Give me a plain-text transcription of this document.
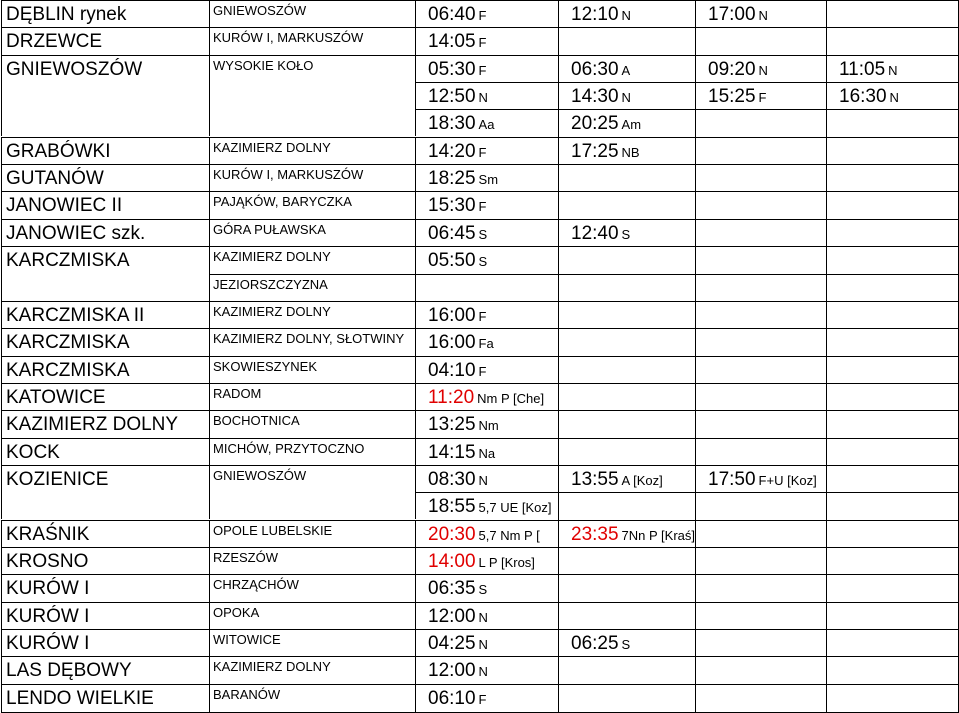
DĘBLIN rynek	GNIEWOSZÓW	06:40 F	12:10 N	17:00 N
DRZEWCE	KURÓW I, MARKUSZÓW	14:05 F
GNIEWOSZÓW	WYSOKIE KOŁO	05:30 F	06:30 A	09:20 N	11:05 N
12:50 N	14:30 N	15:25 F	16:30 N
18:30 Aa	20:25 Am
GRABÓWKI	KAZIMIERZ DOLNY	14:20 F	17:25 NB
GUTANÓW	KURÓW I, MARKUSZÓW	18:25 Sm
JANOWIEC II	PAJĄKÓW, BARYCZKA	15:30 F
JANOWIEC szk.	GÓRA PUŁAWSKA	06:45 S	12:40 S
KARCZMISKA	KAZIMIERZ DOLNY	05:50 S
JEZIORSZCZYZNA
KARCZMISKA II	KAZIMIERZ DOLNY	16:00 F
KARCZMISKA	KAZIMIERZ DOLNY, SŁOTWINY	16:00 Fa
KARCZMISKA	SKOWIESZYNEK	04:10 F
KATOWICE	RADOM	11:20 Nm P [Che]
KAZIMIERZ DOLNY	BOCHOTNICA	13:25 Nm
KOCK	MICHÓW, PRZYTOCZNO	14:15 Na
KOZIENICE	GNIEWOSZÓW	08:30 N	13:55 A [Koz]	17:50 F+U [Koz]
18:55 5,7 UE [Koz]
KRAŚNIK	OPOLE LUBELSKIE	20:30 5,7 Nm P [	23:35 7Nn P [Kraś]
KROSNO	RZESZÓW	14:00 L P [Kros]
KURÓW I	CHRZĄCHÓW	06:35 S
KURÓW I	OPOKA	12:00 N
KURÓW I	WITOWICE	04:25 N	06:25 S
LAS DĘBOWY	KAZIMIERZ DOLNY	12:00 N
LENDO WIELKIE	BARANÓW	06:10 F
